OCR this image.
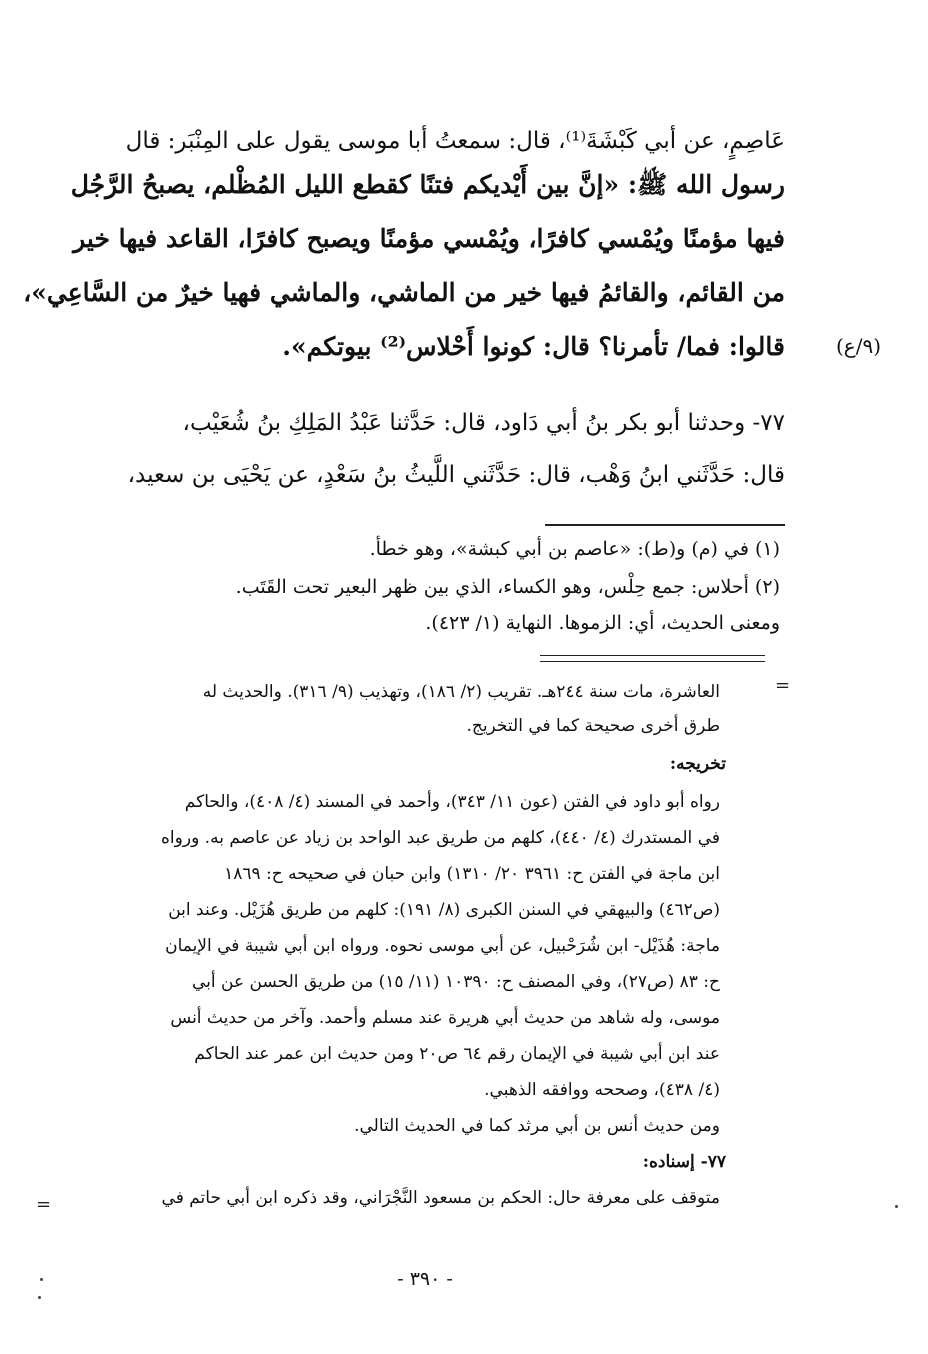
عَاصِمٍ، عن أبي كَبْشَةَ⁽¹⁾، قال: سمعتُ أبا موسى يقول على المِنْبَر: قال
رسول الله ﷺ: «إنَّ بين أَيْديكم فتنًا كقطع الليل المُظْلم، يصبحُ الرَّجُل
فيها مؤمنًا ويُمْسي كافرًا، ويُمْسي مؤمنًا ويصبح كافرًا، القاعد فيها خير
من القائم، والقائمُ فيها خير من الماشي، والماشي فهيا خيرٌ من السَّاعِي»،
قالوا: فما/ تأمرنا؟ قال: كونوا أَحْلاس⁽²⁾ بيوتكم».	(٩/ع)
٧٧- وحدثنا أبو بكر بنُ أبي دَاود، قال: حَدَّثنا عَبْدُ المَلِكِ بنُ شُعَيْب،
قال: حَدَّثَني ابنُ وَهْب، قال: حَدَّثَني اللَّيثُ بنُ سَعْدٍ، عن يَحْيَى بن سعيد،
(١) في (م) و(ط): «عاصم بن أبي كبشة»، وهو خطأ.
(٢) أحلاس: جمع حِلْس، وهو الكساء، الذي بين ظهر البعير تحت القَتَب.
ومعنى الحديث، أي: الزموها. النهاية (١/ ٤٢٣).
=
العاشرة، مات سنة ٢٤٤هـ. تقريب (٢/ ١٨٦)، وتهذيب (٩/ ٣١٦). والحديث له
طرق أخرى صحيحة كما في التخريج.
تخريجه:
رواه أبو داود في الفتن (عون ١١/ ٣٤٣)، وأحمد في المسند (٤/ ٤٠٨)، والحاكم
في المستدرك (٤/ ٤٤٠)، كلهم من طريق عبد الواحد بن زياد عن عاصم به. ورواه
ابن ماجة في الفتن ح: ٣٩٦١ ٢٠/ ١٣١٠) وابن حبان في صحيحه ح: ١٨٦٩
(ص٤٦٢) والبيهقي في السنن الكبرى (٨/ ١٩١): كلهم من طريق هُزَيْل. وعند ابن
ماجة: هُذَيْل- ابن شُرَحْبيل، عن أبي موسى نحوه. ورواه ابن أبي شيبة في الإيمان
ح: ٨٣ (ص٢٧)، وفي المصنف ح: ١٠٣٩٠ (١١/ ١٥) من طريق الحسن عن أبي
موسى، وله شاهد من حديث أبي هريرة عند مسلم وأحمد. وآخر من حديث أنس
عند ابن أبي شيبة في الإيمان رقم ٦٤ ص٢٠ ومن حديث ابن عمر عند الحاكم
(٤/ ٤٣٨)، وصححه ووافقه الذهبي.
ومن حديث أنس بن أبي مرثد كما في الحديث التالي.
٧٧- إسناده:
متوقف على معرفة حال: الحكم بن مسعود النَّجْرَاني، وقد ذكره ابن أبي حاتم في
=
- ٣٩٠ -
